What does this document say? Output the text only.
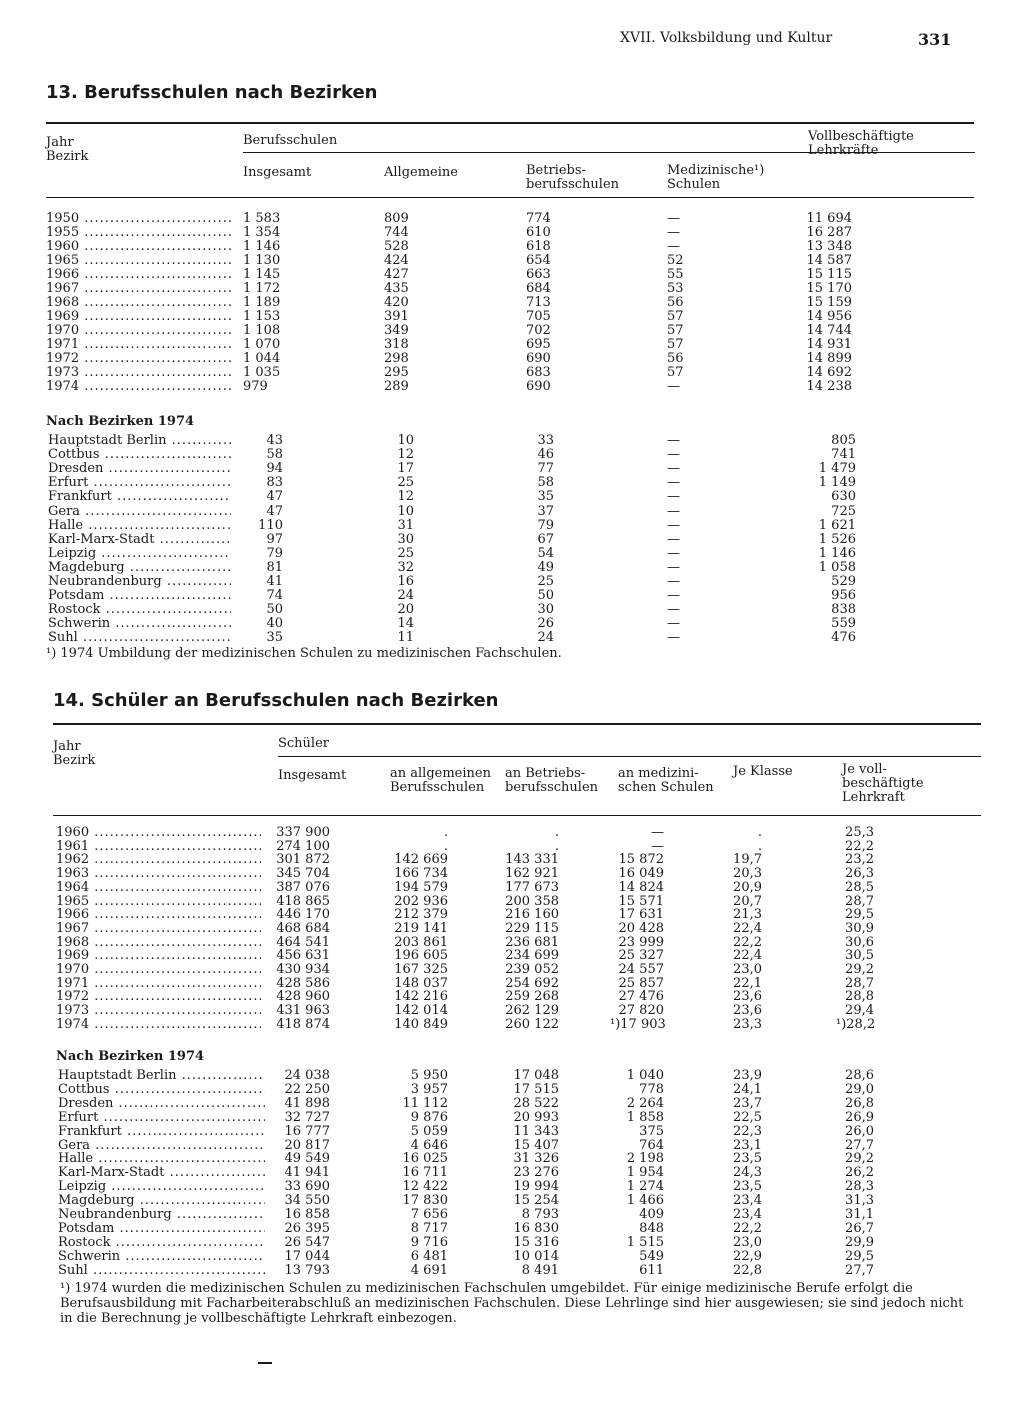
XVII. Volksbildung und Kultur	331
13. Berufsschulen nach Bezirken
Jahr
Bezirk
Berufsschulen	Vollbeschäftigte
Lehrkräfte
Insgesamt	Allgemeine	Betriebs-
berufsschulen
Medizinische¹)
Schulen
1950 .....	1 583	809	774	—	11 694
1955 .....	1 354	744	610	—	16 287
1960 .....	1 146	528	618	—	13 348
1965 .....	1 130	424	654	52	14 587
1966 .....	1 145	427	663	55	15 115
1967 .....	1 172	435	684	53	15 170
1968 .....	1 189	420	713	56	15 159
1969 .....	1 153	391	705	57	14 956
1970 .....	1 108	349	702	57	14 744
1971 .....	1 070	318	695	57	14 931
1972 .....	1 044	298	690	56	14 899
1973 .....	1 035	295	683	57	14 692
1974 .....	979	289	690	—	14 238
Nach Bezirken 1974
Hauptstadt Berlin .....	43	10	33	—	805
Cottbus .....	58	12	46	—	741
Dresden .....	94	17	77	—	1 479
Erfurt .....	83	25	58	—	1 149
Frankfurt .....	47	12	35	—	630
Gera .....	47	10	37	—	725
Halle .....	110	31	79	—	1 621
Karl-Marx-Stadt .....	97	30	67	—	1 526
Leipzig .....	79	25	54	—	1 146
Magdeburg .....	81	32	49	—	1 058
Neubrandenburg .....	41	16	25	—	529
Potsdam .....	74	24	50	—	956
Rostock .....	50	20	30	—	838
Schwerin .....	40	14	26	—	559
Suhl .....	35	11	24	—	476
¹) 1974 Umbildung der medizinischen Schulen zu medizinischen Fachschulen.
14. Schüler an Berufsschulen nach Bezirken
Jahr
Bezirk
Schüler
Insgesamt	an allgemeinen
Berufsschulen
an Betriebs-
berufsschulen
an medizini-
schen Schulen
Je Klasse	Je voll-
beschäftigte
Lehrkraft
1960 .....	337 900	.	.	—	.	25,3
1961 .....	274 100	.	.	—	.	22,2
1962 .....	301 872	142 669	143 331	15 872	19,7	23,2
1963 .....	345 704	166 734	162 921	16 049	20,3	26,3
1964 .....	387 076	194 579	177 673	14 824	20,9	28,5
1965 .....	418 865	202 936	200 358	15 571	20,7	28,7
1966 .....	446 170	212 379	216 160	17 631	21,3	29,5
1967 .....	468 684	219 141	229 115	20 428	22,4	30,9
1968 .....	464 541	203 861	236 681	23 999	22,2	30,6
1969 .....	456 631	196 605	234 699	25 327	22,4	30,5
1970 .....	430 934	167 325	239 052	24 557	23,0	29,2
1971 .....	428 586	148 037	254 692	25 857	22,1	28,7
1972 .....	428 960	142 216	259 268	27 476	23,6	28,8
1973 .....	431 963	142 014	262 129	27 820	23,6	29,4
1974 .....	418 874	140 849	260 122	¹)17 903	23,3	¹)28,2
Nach Bezirken 1974
Hauptstadt Berlin .....	24 038	5 950	17 048	1 040	23,9	28,6
Cottbus .....	22 250	3 957	17 515	778	24,1	29,0
Dresden .....	41 898	11 112	28 522	2 264	23,7	26,8
Erfurt .....	32 727	9 876	20 993	1 858	22,5	26,9
Frankfurt .....	16 777	5 059	11 343	375	22,3	26,0
Gera .....	20 817	4 646	15 407	764	23,1	27,7
Halle .....	49 549	16 025	31 326	2 198	23,5	29,2
Karl-Marx-Stadt .....	41 941	16 711	23 276	1 954	24,3	26,2
Leipzig .....	33 690	12 422	19 994	1 274	23,5	28,3
Magdeburg .....	34 550	17 830	15 254	1 466	23,4	31,3
Neubrandenburg .....	16 858	7 656	8 793	409	23,4	31,1
Potsdam .....	26 395	8 717	16 830	848	22,2	26,7
Rostock .....	26 547	9 716	15 316	1 515	23,0	29,9
Schwerin .....	17 044	6 481	10 014	549	22,9	29,5
Suhl .....	13 793	4 691	8 491	611	22,8	27,7
¹) 1974 wurden die medizinischen Schulen zu medizinischen Fachschulen umgebildet. Für einige medizinische Berufe erfolgt die Berufsausbildung mit Facharbeiterabschluß an medizinischen Fachschulen. Diese Lehrlinge sind hier ausgewiesen; sie sind jedoch nicht in die Berechnung je vollbeschäftigte Lehrkraft einbezogen.
